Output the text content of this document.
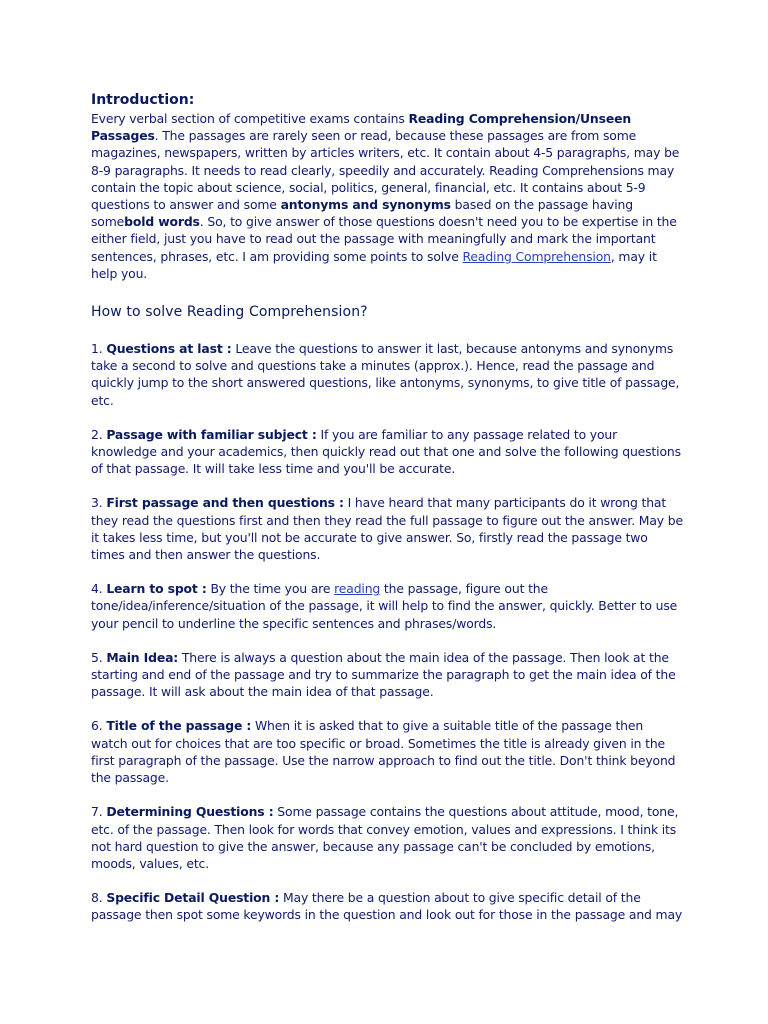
Introduction:

Every verbal section of competitive exams contains Reading Comprehension/Unseen Passages. The passages are rarely seen or read, because these passages are from some magazines, newspapers, written by articles writers, etc. It contain about 4-5 paragraphs, may be 8-9 paragraphs. It needs to read clearly, speedily and accurately. Reading Comprehensions may contain the topic about science, social, politics, general, financial, etc. It contains about 5-9 questions to answer and some antonyms and synonyms based on the passage having somebold words. So, to give answer of those questions doesn't need you to be expertise in the either field, just you have to read out the passage with meaningfully and mark the important sentences, phrases, etc. I am providing some points to solve Reading Comprehension, may it help you.

How to solve Reading Comprehension?

1. Questions at last : Leave the questions to answer it last, because antonyms and synonyms take a second to solve and questions take a minutes (approx.). Hence, read the passage and quickly jump to the short answered questions, like antonyms, synonyms, to give title of passage, etc.

2. Passage with familiar subject : If you are familiar to any passage related to your knowledge and your academics, then quickly read out that one and solve the following questions of that passage. It will take less time and you'll be accurate.

3. First passage and then questions : I have heard that many participants do it wrong that they read the questions first and then they read the full passage to figure out the answer. May be it takes less time, but you'll not be accurate to give answer. So, firstly read the passage two times and then answer the questions.

4. Learn to spot : By the time you are reading the passage, figure out the tone/idea/inference/situation of the passage, it will help to find the answer, quickly. Better to use your pencil to underline the specific sentences and phrases/words.

5. Main Idea: There is always a question about the main idea of the passage. Then look at the starting and end of the passage and try to summarize the paragraph to get the main idea of the passage. It will ask about the main idea of that passage.

6. Title of the passage : When it is asked that to give a suitable title of the passage then watch out for choices that are too specific or broad. Sometimes the title is already given in the first paragraph of the passage. Use the narrow approach to find out the title. Don't think beyond the passage.

7. Determining Questions : Some passage contains the questions about attitude, mood, tone, etc. of the passage. Then look for words that convey emotion, values and expressions. I think its not hard question to give the answer, because any passage can't be concluded by emotions, moods, values, etc.

8. Specific Detail Question : May there be a question about to give specific detail of the passage then spot some keywords in the question and look out for those in the passage and may
